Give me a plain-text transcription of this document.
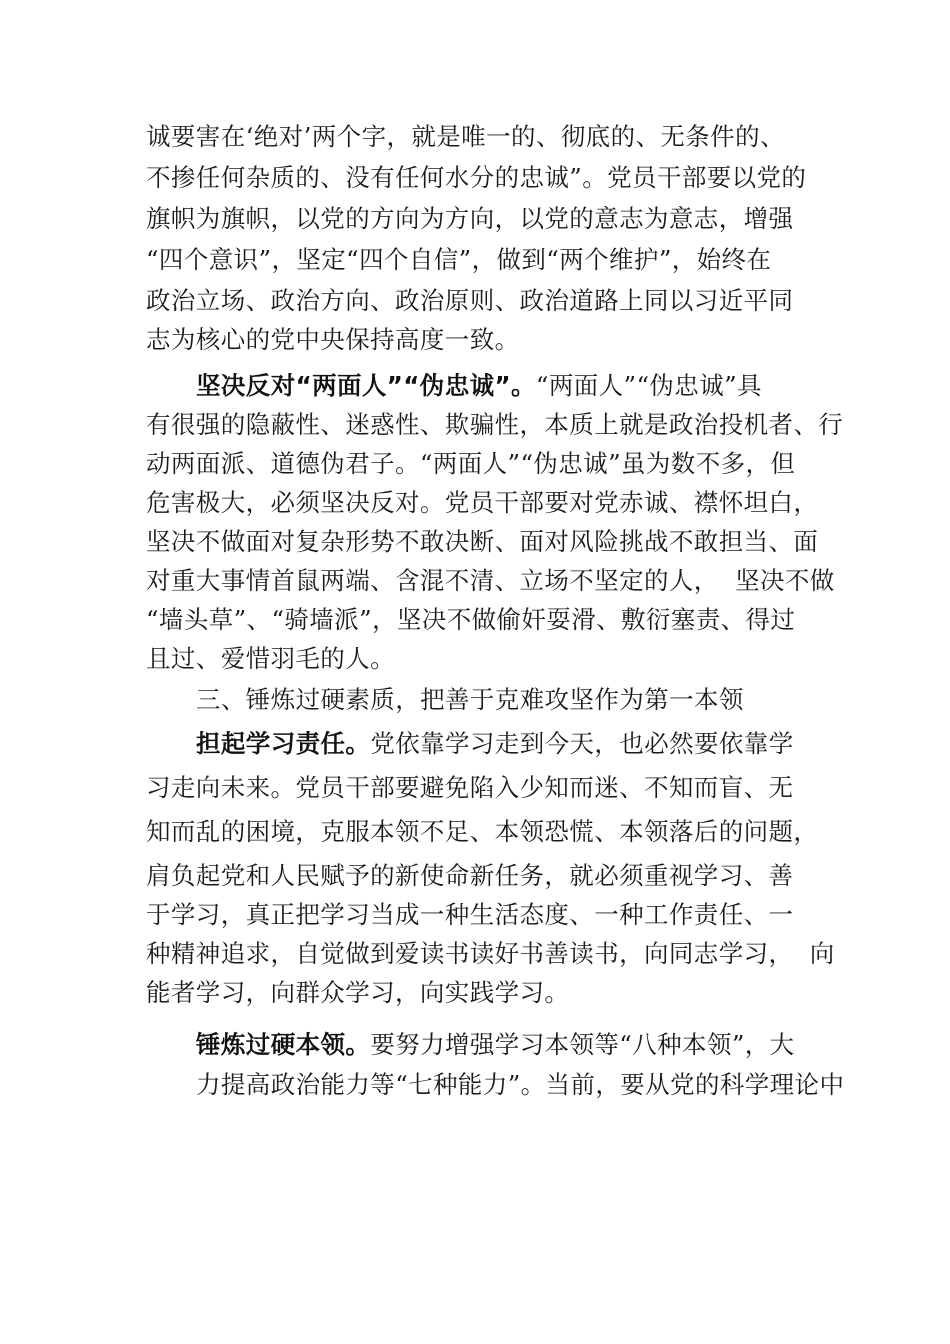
诚要害在‘绝对’两个字，就是唯一的、彻底的、无条件的、
不掺任何杂质的、没有任何水分的忠诚”。党员干部要以党的
旗帜为旗帜，以党的方向为方向，以党的意志为意志，增强
“四个意识”，坚定“四个自信”，做到“两个维护”，始终在
政治立场、政治方向、政治原则、政治道路上同以习近平同
志为核心的党中央保持高度一致。
坚决反对“两面人”“伪忠诚”。“两面人”“伪忠诚”具
有很强的隐蔽性、迷惑性、欺骗性，本质上就是政治投机者、行
动两面派、道德伪君子。“两面人”“伪忠诚”虽为数不多，但
危害极大，必须坚决反对。党员干部要对党赤诚、襟怀坦白，
坚决不做面对复杂形势不敢决断、面对风险挑战不敢担当、面
对重大事情首鼠两端、含混不清、立场不坚定的人，  坚决不做
“墙头草”、“骑墙派”，坚决不做偷奸耍滑、敷衍塞责、得过
且过、爱惜羽毛的人。
三、锤炼过硬素质，把善于克难攻坚作为第一本领
担起学习责任。党依靠学习走到今天，也必然要依靠学
习走向未来。党员干部要避免陷入少知而迷、不知而盲、无
知而乱的困境，克服本领不足、本领恐慌、本领落后的问题，
肩负起党和人民赋予的新使命新任务，就必须重视学习、善
于学习，真正把学习当成一种生活态度、一种工作责任、一
种精神追求，自觉做到爱读书读好书善读书，向同志学习，  向
能者学习，向群众学习，向实践学习。
锤炼过硬本领。要努力增强学习本领等“八种本领”，大
力提高政治能力等“七种能力”。当前，要从党的科学理论中
